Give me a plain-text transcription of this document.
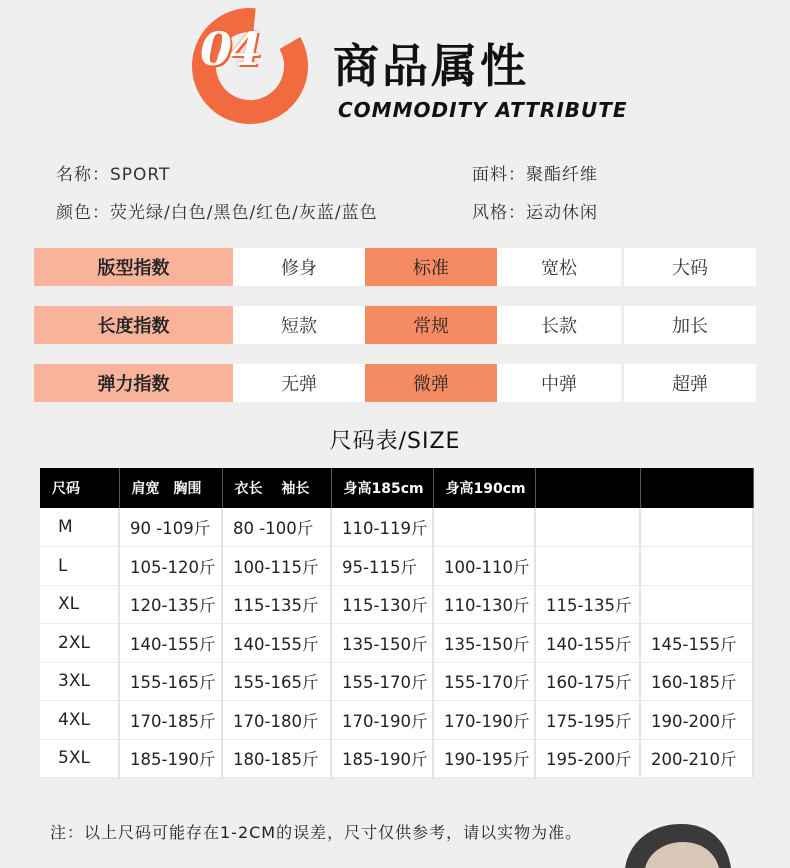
04 商品属性
COMMODITY ATTRIBUTE
名称：SPORT	面料：聚酯纤维
颜色：荧光绿/白色/黑色/红色/灰蓝/蓝色	风格：运动休闲
版型指数	修身	标准	宽松	大码
长度指数	短款	常规	长款	加长
弹力指数	无弹	微弹	中弹	超弹
尺码表/SIZE
尺码	肩宽　胸围	衣长　 袖长	身高185cm	身高190cm		
M	90 -109斤	80 -100斤	110-119斤			
L	105-120斤	100-115斤	95-115斤	100-110斤		
XL	120-135斤	115-135斤	115-130斤	110-130斤	115-135斤	
2XL	140-155斤	140-155斤	135-150斤	135-150斤	140-155斤	145-155斤
3XL	155-165斤	155-165斤	155-170斤	155-170斤	160-175斤	160-185斤
4XL	170-185斤	170-180斤	170-190斤	170-190斤	175-195斤	190-200斤
5XL	185-190斤	180-185斤	185-190斤	190-195斤	195-200斤	200-210斤
注：以上尺码可能存在1-2CM的误差，尺寸仅供参考，请以实物为准。
